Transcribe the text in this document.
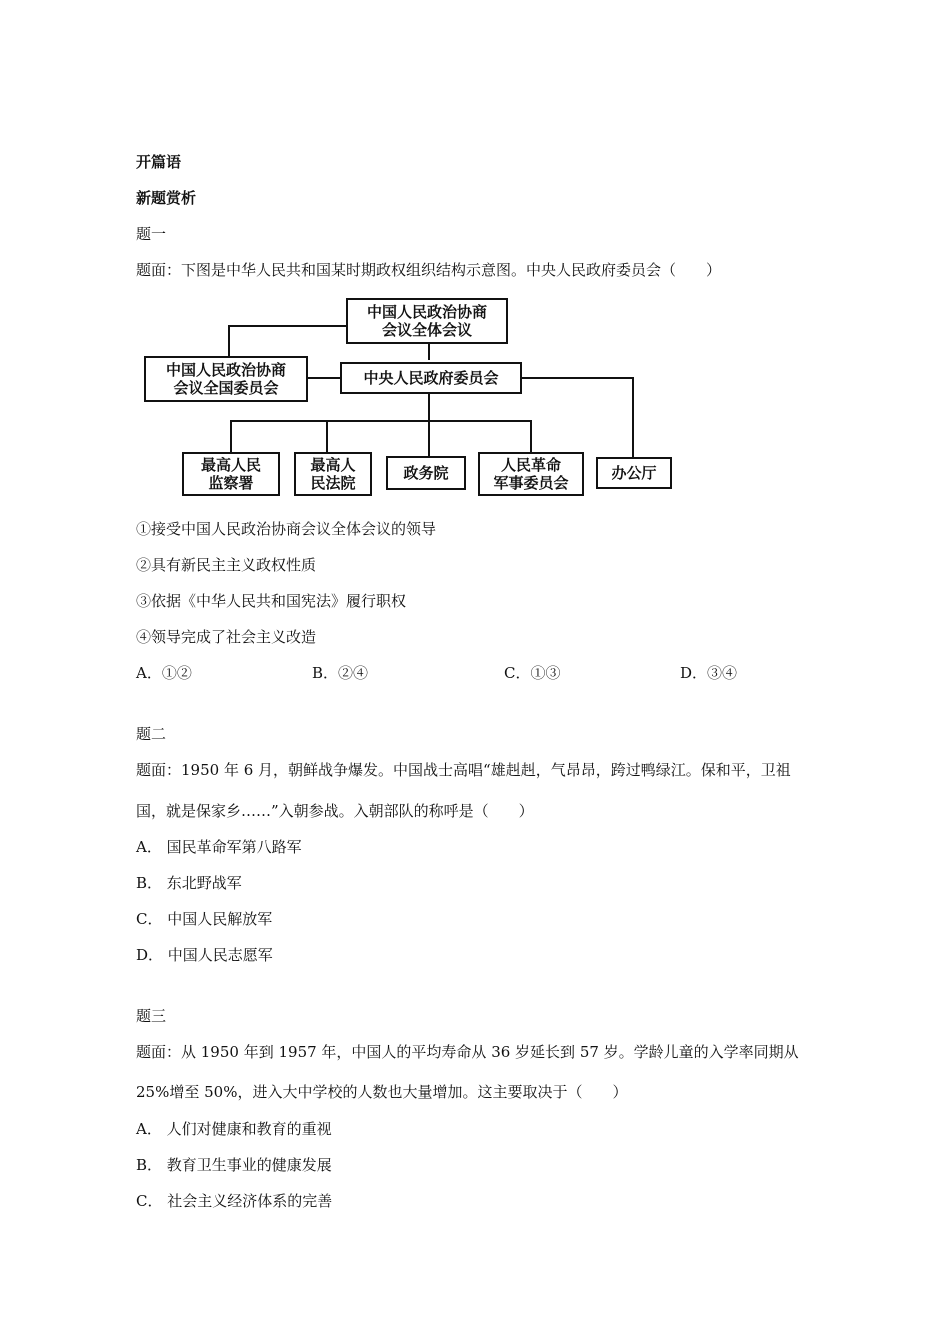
开篇语
新题赏析
题一
题面：下图是中华人民共和国某时期政权组织结构示意图。中央人民政府委员会（　　）
中国人民政治协商
会议全体会议
中国人民政治协商
会议全国委员会
中央人民政府委员会
最高人民
监察署
最高人
民法院
政务院	人民革命
军事委员会
办公厅
①接受中国人民政治协商会议全体会议的领导
②具有新民主主义政权性质
③依据《中华人民共和国宪法》履行职权
④领导完成了社会主义改造
A．①②	B．②④	C．①③	D．③④
题二
题面：1950 年 6 月，朝鲜战争爆发。中国战士高唱“雄赳赳，气昂昂，跨过鸭绿江。保和平，卫祖
国，就是保家乡……”入朝参战。入朝部队的称呼是（　　）
A． 国民革命军第八路军
B． 东北野战军
C． 中国人民解放军
D． 中国人民志愿军
题三
题面：从 1950 年到 1957 年，中国人的平均寿命从 36 岁延长到 57 岁。学龄儿童的入学率同期从
25%增至 50%，进入大中学校的人数也大量增加。这主要取决于（　　）
A． 人们对健康和教育的重视
B． 教育卫生事业的健康发展
C． 社会主义经济体系的完善
